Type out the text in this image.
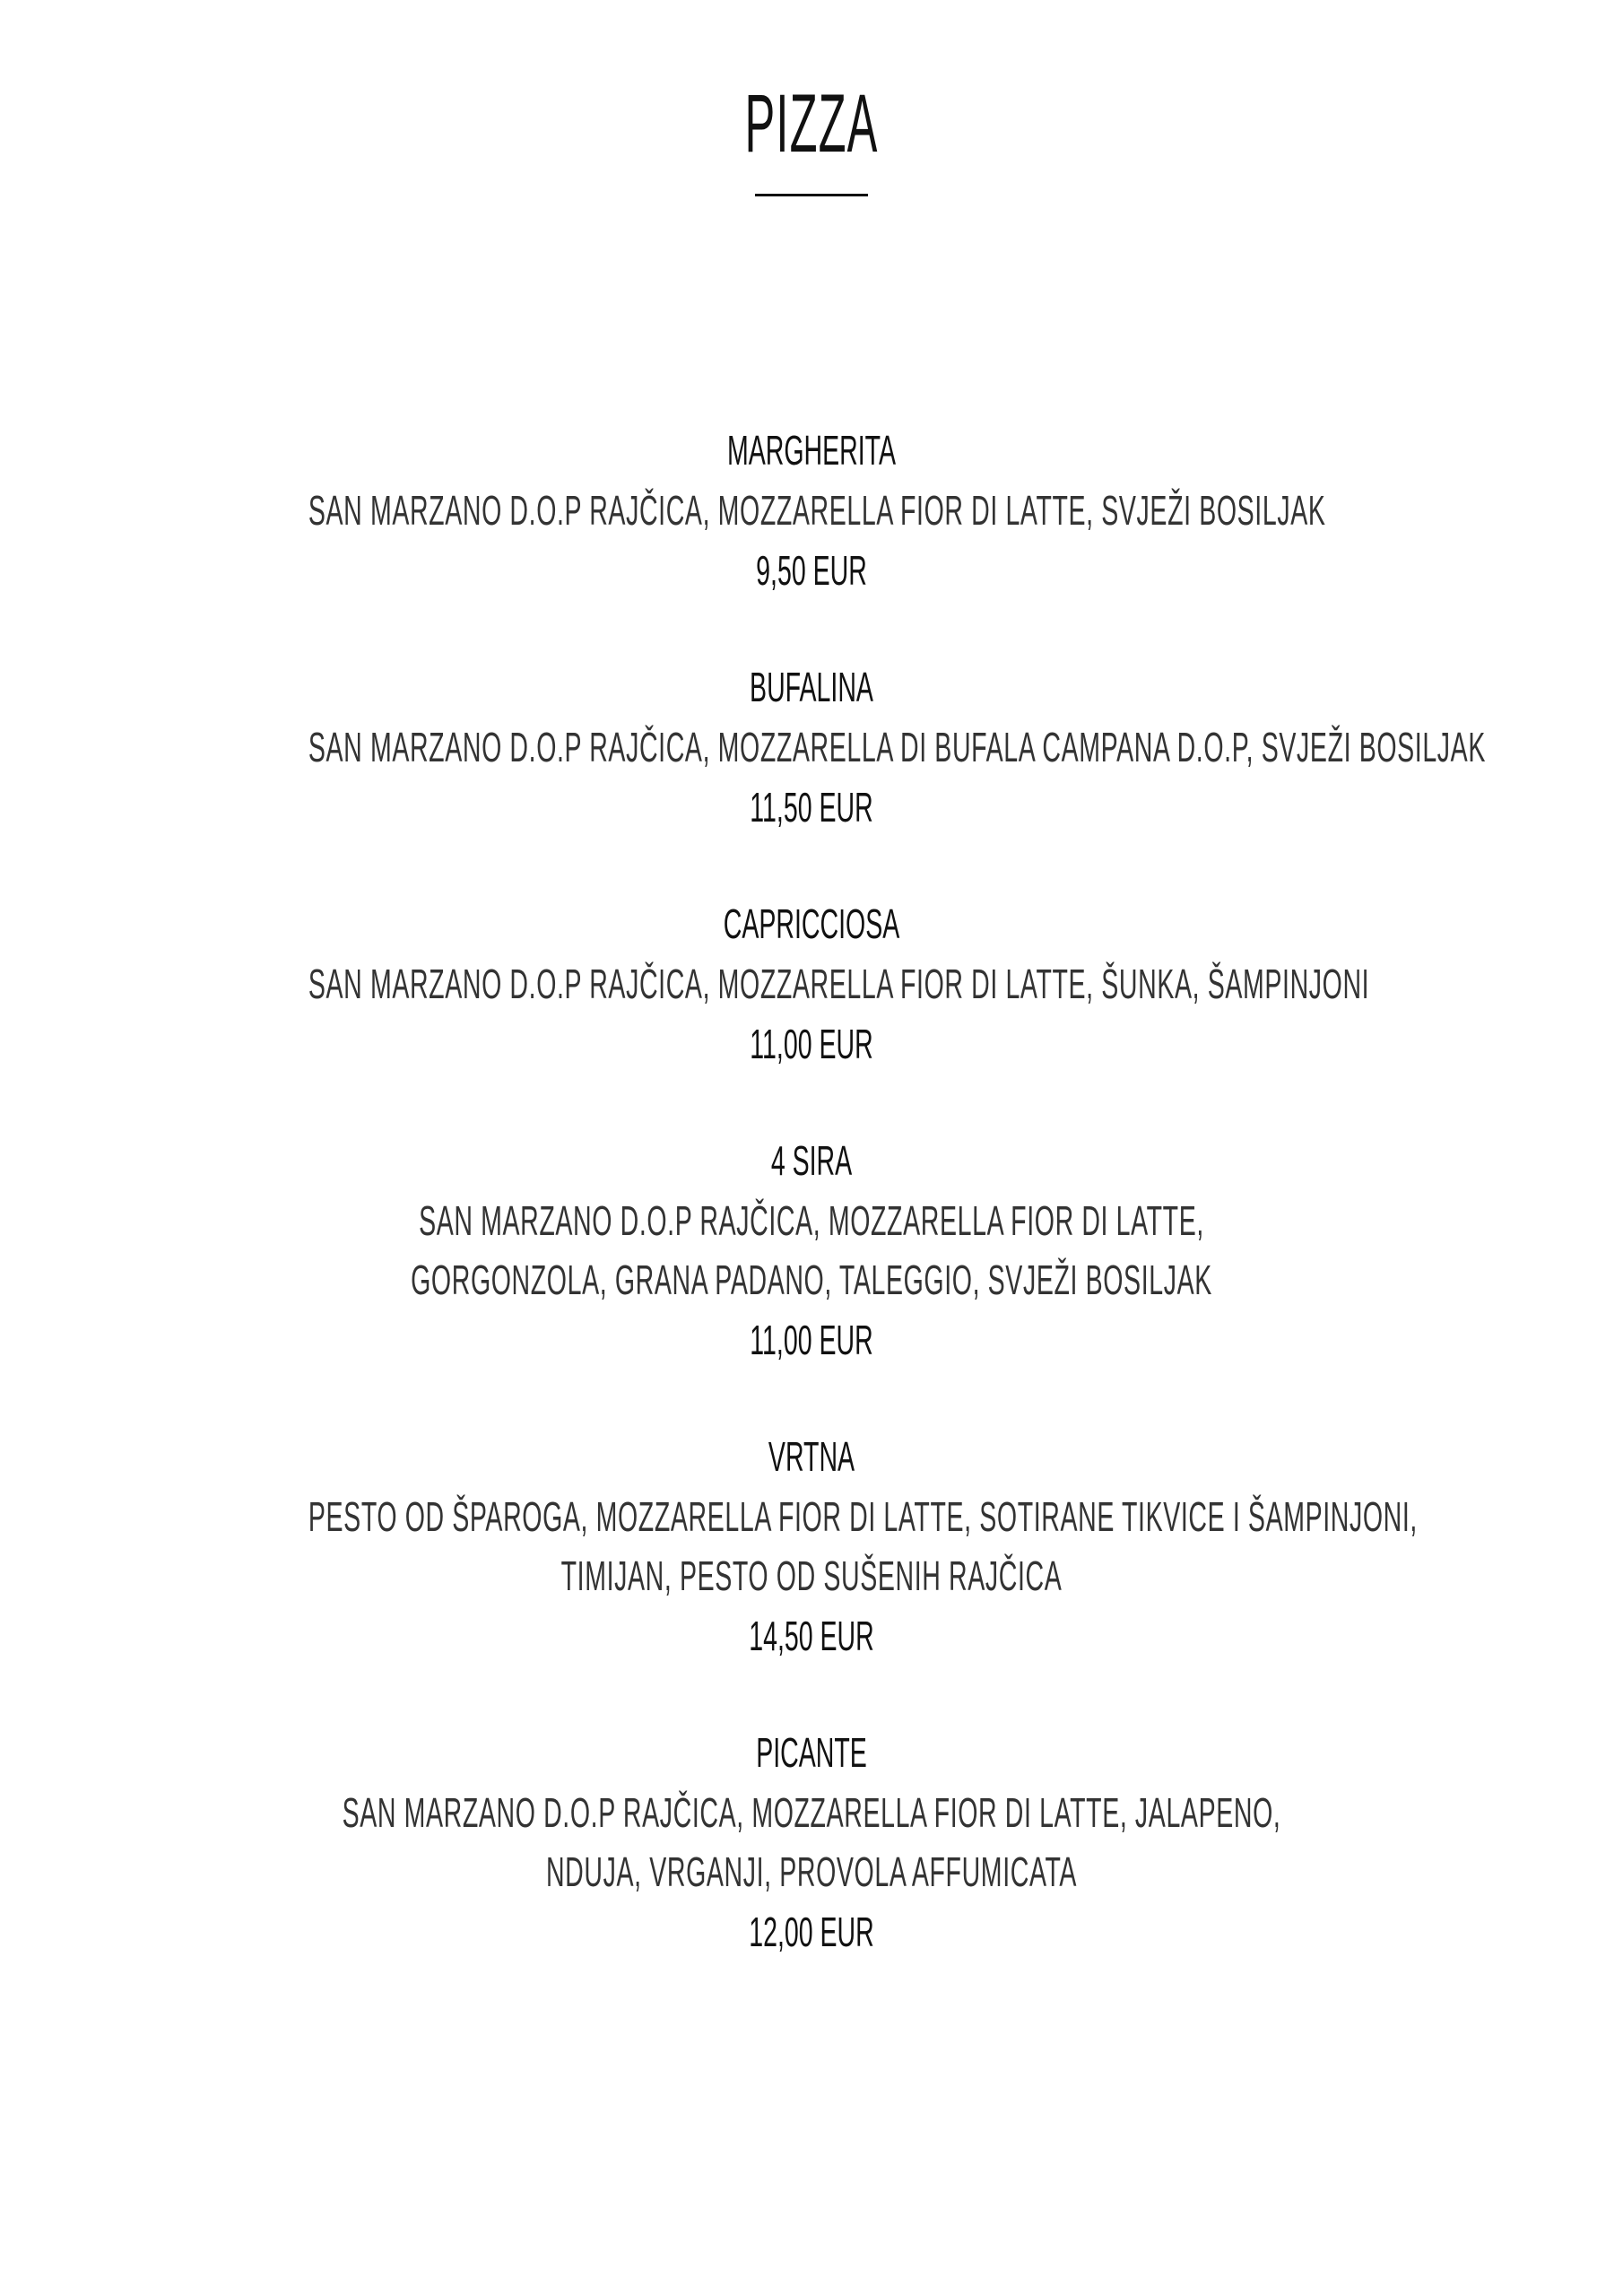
PIZZA
MARGHERITA
SAN MARZANO D.O.P RAJČICA, MOZZARELLA FIOR DI LATTE, SVJEŽI BOSILJAK
9,50 EUR
BUFALINA
SAN MARZANO D.O.P RAJČICA, MOZZARELLA DI BUFALA CAMPANA D.O.P, SVJEŽI BOSILJAK
11,50 EUR
CAPRICCIOSA
SAN MARZANO D.O.P RAJČICA, MOZZARELLA FIOR DI LATTE, ŠUNKA, ŠAMPINJONI
11,00 EUR
4 SIRA
SAN MARZANO D.O.P RAJČICA, MOZZARELLA FIOR DI LATTE,
GORGONZOLA, GRANA PADANO, TALEGGIO, SVJEŽI BOSILJAK
11,00 EUR
VRTNA
PESTO OD ŠPAROGA, MOZZARELLA FIOR DI LATTE, SOTIRANE TIKVICE I ŠAMPINJONI,
TIMIJAN, PESTO OD SUŠENIH RAJČICA
14,50 EUR
PICANTE
SAN MARZANO D.O.P RAJČICA, MOZZARELLA FIOR DI LATTE, JALAPENO,
NDUJA, VRGANJI, PROVOLA AFFUMICATA
12,00 EUR
